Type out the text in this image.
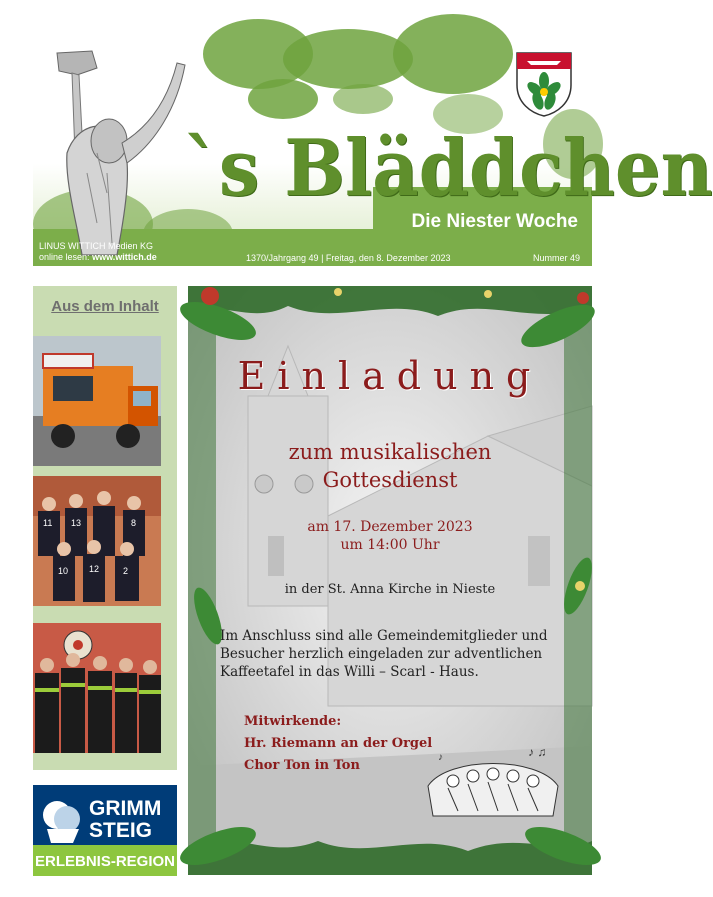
`s Bläddchen
Die Niester Woche
LINUS WITTICH Medien KG
online lesen: www.wittich.de	1370/Jahrgang 49 | Freitag, den 8. Dezember 2023	Nummer 49
Aus dem Inhalt
11 13	8
10 12	2
GRIMM
STEIG
ERLEBNIS-REGION
♪ ♫
♪
Einladung
zum musikalischen
Gottesdienst
am 17. Dezember 2023
um 14:00 Uhr
in der St. Anna Kirche in Nieste
Im Anschluss sind alle Gemeindemitglieder und
Besucher herzlich eingeladen zur adventlichen
Kaffeetafel in das Willi – Scarl - Haus.
Mitwirkende:
Hr. Riemann an der Orgel
Chor Ton in Ton
